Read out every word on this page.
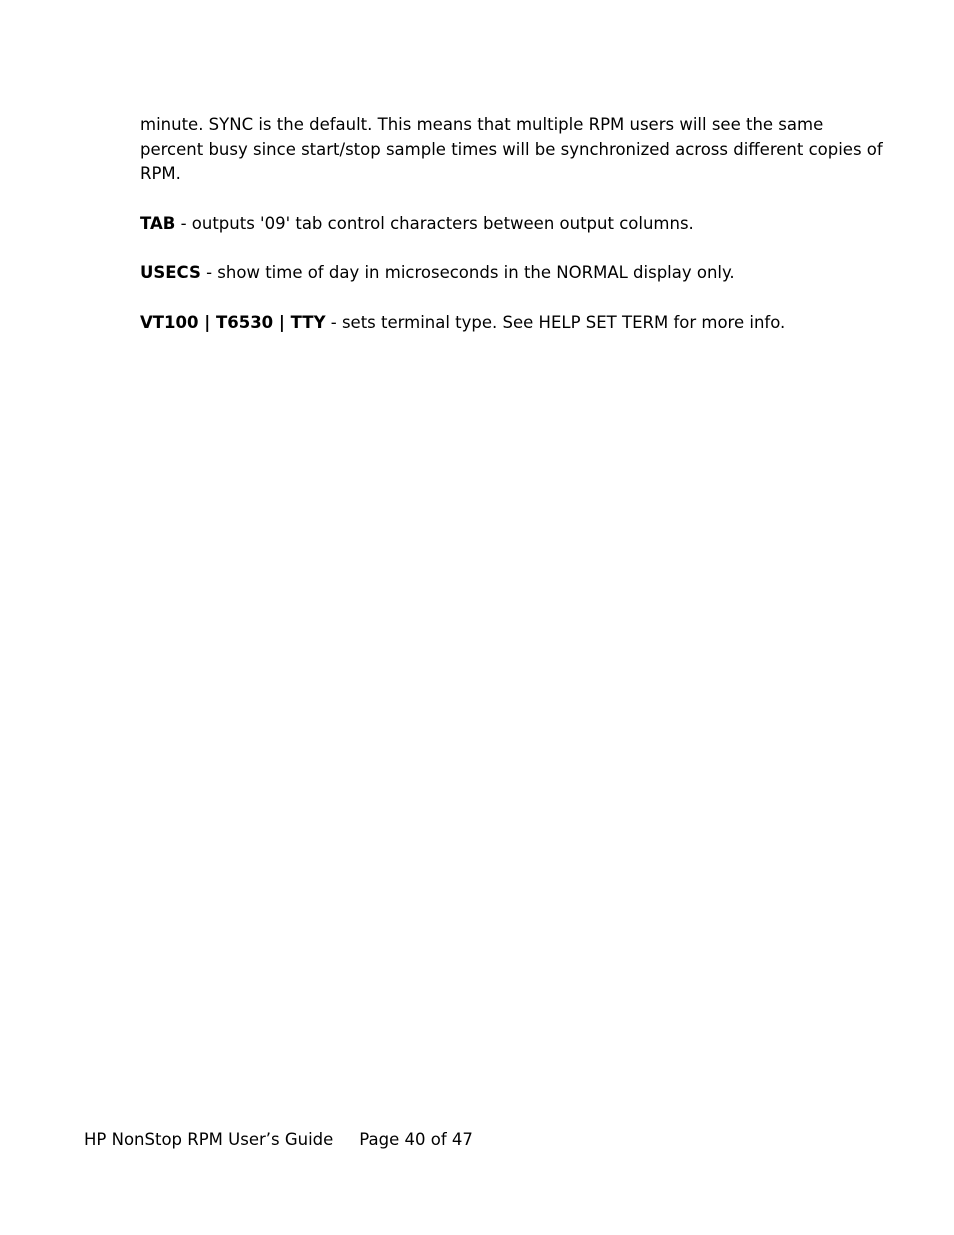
minute. SYNC is the default. This means that multiple RPM users will see the same percent busy since start/stop sample times will be synchronized across different copies of RPM.

TAB - outputs '09' tab control characters between output columns.

USECS - show time of day in microseconds in the NORMAL display only.

VT100 | T6530 | TTY - sets terminal type. See HELP SET TERM for more info.

HP NonStop RPM User’s Guide Page 40 of 47
